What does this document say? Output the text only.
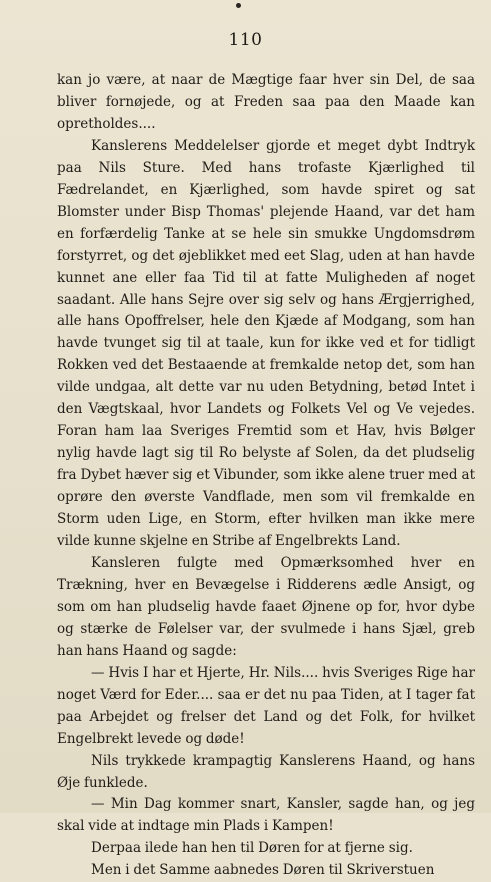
110

kan jo være, at naar de Mægtige faar hver sin Del, de saa bliver fornøjede, og at Freden saa paa den Maade kan opretholdes....

Kanslerens Meddelelser gjorde et meget dybt Indtryk paa Nils Sture. Med hans trofaste Kjærlighed til Fædrelandet, en Kjærlighed, som havde spiret og sat Blomster under Bisp Thomas' plejende Haand, var det ham en forfærdelig Tanke at se hele sin smukke Ungdomsdrøm forstyrret, og det øjeblikket med eet Slag, uden at han havde kunnet ane eller faa Tid til at fatte Muligheden af noget saadant. Alle hans Sejre over sig selv og hans Ærgjerrighed, alle hans Opoffrelser, hele den Kjæde af Modgang, som han havde tvunget sig til at taale, kun for ikke ved et for tidligt Rokken ved det Bestaaende at fremkalde netop det, som han vilde undgaa, alt dette var nu uden Betydning, betød Intet i den Vægtskaal, hvor Landets og Folkets Vel og Ve vejedes. Foran ham laa Sveriges Fremtid som et Hav, hvis Bølger nylig havde lagt sig til Ro belyste af Solen, da det pludselig fra Dybet hæver sig et Vibunder, som ikke alene truer med at oprøre den øverste Vandflade, men som vil fremkalde en Storm uden Lige, en Storm, efter hvilken man ikke mere vilde kunne skjelne en Stribe af Engelbrekts Land.

Kansleren fulgte med Opmærksomhed hver en Trækning, hver en Bevægelse i Ridderens ædle Ansigt, og som om han pludselig havde faaet Øjnene op for, hvor dybe og stærke de Følelser var, der svulmede i hans Sjæl, greb han hans Haand og sagde:

— Hvis I har et Hjerte, Hr. Nils.... hvis Sveriges Rige har noget Værd for Eder.... saa er det nu paa Tiden, at I tager fat paa Arbejdet og frelser det Land og det Folk, for hvilket Engelbrekt levede og døde!

Nils trykkede krampagtig Kanslerens Haand, og hans Øje funklede.

— Min Dag kommer snart, Kansler, sagde han, og jeg skal vide at indtage min Plads i Kampen!

Derpaa ilede han hen til Døren for at fjerne sig.

Men i det Samme aabnedes Døren til Skriverstuen
